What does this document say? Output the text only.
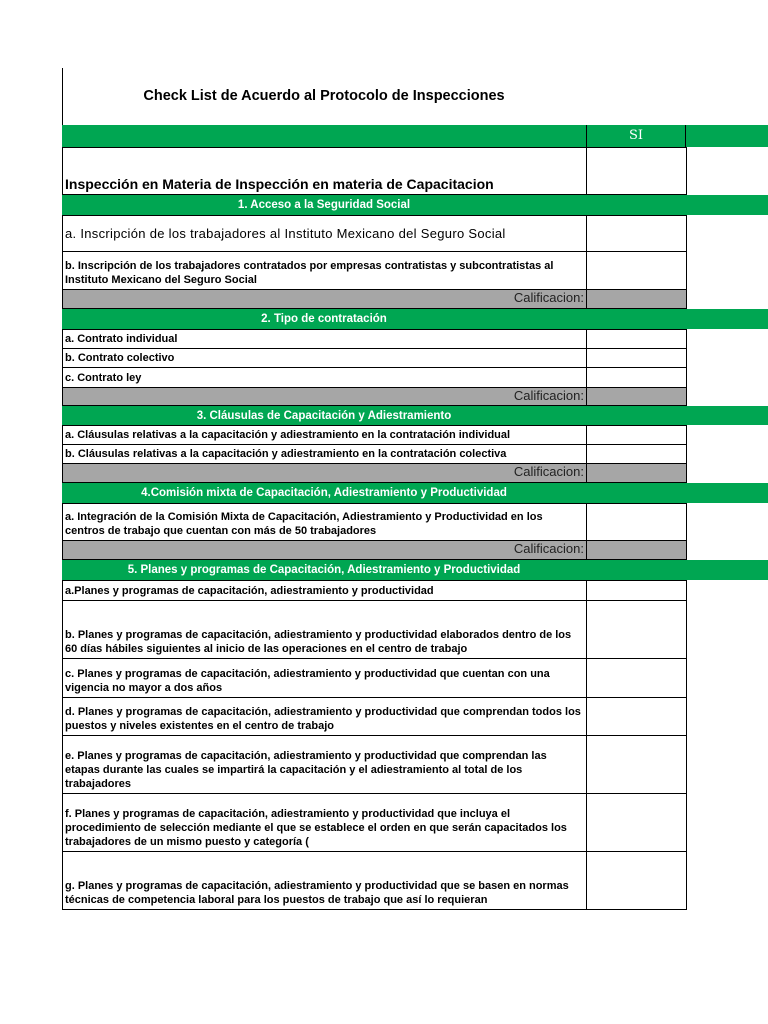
Check List de Acuerdo al Protocolo de Inspecciones
SI
Inspección en Materia de Inspección en materia de Capacitacion
1. Acceso a la Seguridad Social
a. Inscripción de los trabajadores al Instituto Mexicano del Seguro Social
b. Inscripción de los trabajadores contratados por empresas contratistas y subcontratistas al Instituto Mexicano del Seguro Social
Calificacion:
2. Tipo de contratación
a. Contrato individual
b. Contrato colectivo
c. Contrato ley
Calificacion:
3. Cláusulas de Capacitación y Adiestramiento
a. Cláusulas relativas a la capacitación y adiestramiento en la contratación individual
b. Cláusulas relativas a la capacitación y adiestramiento en la contratación colectiva
Calificacion:
4.Comisión mixta de Capacitación, Adiestramiento y Productividad
a. Integración de la Comisión Mixta de Capacitación, Adiestramiento y Productividad en los centros de trabajo que cuentan con más de 50 trabajadores
Calificacion:
5. Planes y programas de Capacitación, Adiestramiento y Productividad
a.Planes y programas de capacitación, adiestramiento y productividad
b. Planes y programas de capacitación, adiestramiento y productividad elaborados dentro de los 60 días hábiles siguientes al inicio de las operaciones en el centro de trabajo
c. Planes y programas de capacitación, adiestramiento y productividad que cuentan con una vigencia no mayor a dos años
d. Planes y programas de capacitación, adiestramiento y productividad que comprendan todos los puestos y niveles existentes en el centro de trabajo
e. Planes y programas de capacitación, adiestramiento y productividad que comprendan las etapas durante las cuales se impartirá la capacitación y el adiestramiento al total de los trabajadores
f. Planes y programas de capacitación, adiestramiento y productividad que incluya el procedimiento de selección mediante el que se establece el orden en que serán capacitados los trabajadores de un mismo puesto y categoría (
g. Planes y programas de capacitación, adiestramiento y productividad que se basen en normas técnicas de competencia laboral para los puestos de trabajo que así lo requieran
